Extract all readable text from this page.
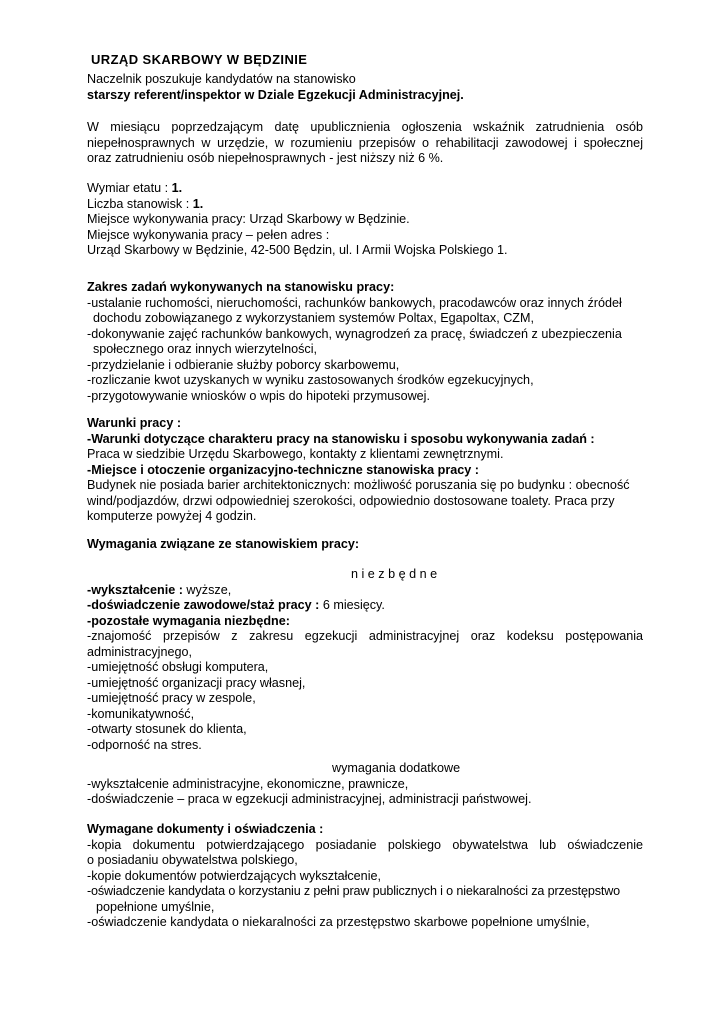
URZĄD SKARBOWY W BĘDZINIE
Naczelnik poszukuje kandydatów na stanowisko
starszy referent/inspektor w Dziale Egzekucji Administracyjnej.
W miesiącu poprzedzającym datę upublicznienia ogłoszenia wskaźnik zatrudnienia osób
niepełnosprawnych w urzędzie, w rozumieniu przepisów o rehabilitacji zawodowej i społecznej
oraz zatrudnieniu osób niepełnosprawnych - jest niższy niż 6 %.
Wymiar etatu : 1.
Liczba stanowisk : 1.
Miejsce wykonywania pracy: Urząd Skarbowy w Będzinie.
Miejsce wykonywania pracy – pełen adres :
Urząd Skarbowy w Będzinie, 42-500 Będzin, ul. I Armii Wojska Polskiego 1.
Zakres zadań wykonywanych na stanowisku pracy:
-ustalanie ruchomości, nieruchomości, rachunków bankowych, pracodawców oraz innych źródeł
dochodu zobowiązanego z wykorzystaniem systemów Poltax, Egapoltax, CZM,
-dokonywanie zajęć rachunków bankowych, wynagrodzeń za pracę, świadczeń z ubezpieczenia
społecznego oraz innych wierzytelności,
-przydzielanie i odbieranie służby poborcy skarbowemu,
-rozliczanie kwot uzyskanych w wyniku zastosowanych środków egzekucyjnych,
-przygotowywanie wniosków o wpis do hipoteki przymusowej.
Warunki pracy :
-Warunki dotyczące charakteru pracy na stanowisku i sposobu wykonywania zadań :
Praca w siedzibie Urzędu Skarbowego, kontakty z klientami zewnętrznymi.
-Miejsce i otoczenie organizacyjno-techniczne stanowiska pracy :
Budynek nie posiada barier architektonicznych: możliwość poruszania się po budynku : obecność
wind/podjazdów, drzwi odpowiedniej szerokości, odpowiednio dostosowane toalety. Praca przy
komputerze powyżej 4 godzin.
Wymagania związane ze stanowiskiem pracy:
n i e z b ę d n e
-wykształcenie : wyższe,
-doświadczenie zawodowe/staż pracy : 6 miesięcy.
-pozostałe wymagania niezbędne:
-znajomość przepisów z zakresu egzekucji administracyjnej oraz kodeksu postępowania
administracyjnego,
-umiejętność obsługi komputera,
-umiejętność organizacji pracy własnej,
-umiejętność pracy w zespole,
-komunikatywność,
-otwarty stosunek do klienta,
-odporność na stres.
wymagania dodatkowe
-wykształcenie administracyjne, ekonomiczne, prawnicze,
-doświadczenie – praca w egzekucji administracyjnej, administracji państwowej.
Wymagane dokumenty i oświadczenia :
-kopia dokumentu potwierdzającego posiadanie polskiego obywatelstwa lub oświadczenie
o posiadaniu obywatelstwa polskiego,
-kopie dokumentów potwierdzających wykształcenie,
-oświadczenie kandydata o korzystaniu z pełni praw publicznych i o niekaralności za przestępstwo
popełnione umyślnie,
-oświadczenie kandydata o niekaralności za przestępstwo skarbowe popełnione umyślnie,
